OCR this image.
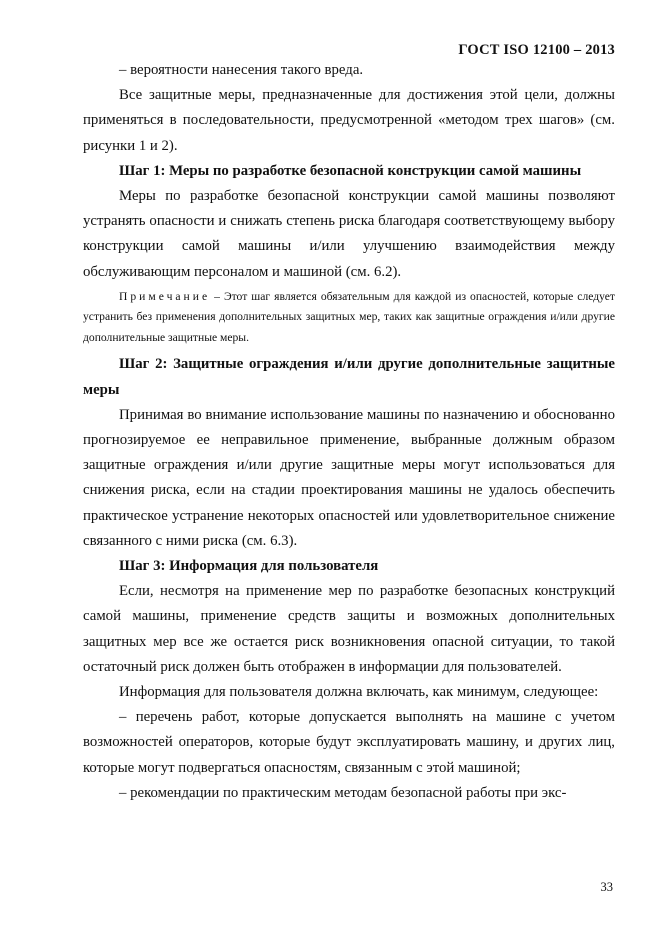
ГОСТ ISO 12100 – 2013

– вероятности нанесения такого вреда.

Все защитные меры, предназначенные для достижения этой цели, должны применяться в последовательности, предусмотренной «методом трех шагов» (см. рисунки 1 и 2).

Шаг 1: Меры по разработке безопасной конструкции самой машины

Меры по разработке безопасной конструкции самой машины позволяют устранять опасности и снижать степень риска благодаря соответствующему выбору конструкции самой машины и/или улучшению взаимодействия между обслуживающим персоналом и машиной (см. 6.2).

Примечание – Этот шаг является обязательным для каждой из опасностей, которые следует устранить без применения дополнительных защитных мер, таких как защитные ограждения и/или другие дополнительные защитные меры.

Шаг 2: Защитные ограждения и/или другие дополнительные защитные меры

Принимая во внимание использование машины по назначению и обоснованно прогнозируемое ее неправильное применение, выбранные должным образом защитные ограждения и/или другие защитные меры могут использоваться для снижения риска, если на стадии проектирования машины не удалось обеспечить практическое устранение некоторых опасностей или удовлетворительное снижение связанного с ними риска (см. 6.3).

Шаг 3: Информация для пользователя

Если, несмотря на применение мер по разработке безопасных конструкций самой машины, применение средств защиты и возможных дополнительных защитных мер все же остается риск возникновения опасной ситуации, то такой остаточный риск должен быть отображен в информации для пользователей.

Информация для пользователя должна включать, как минимум, следующее:

– перечень работ, которые допускается выполнять на машине с учетом возможностей операторов, которые будут эксплуатировать машину, и других лиц, которые могут подвергаться опасностям, связанным с этой машиной;

– рекомендации по практическим методам безопасной работы при экс-

33
